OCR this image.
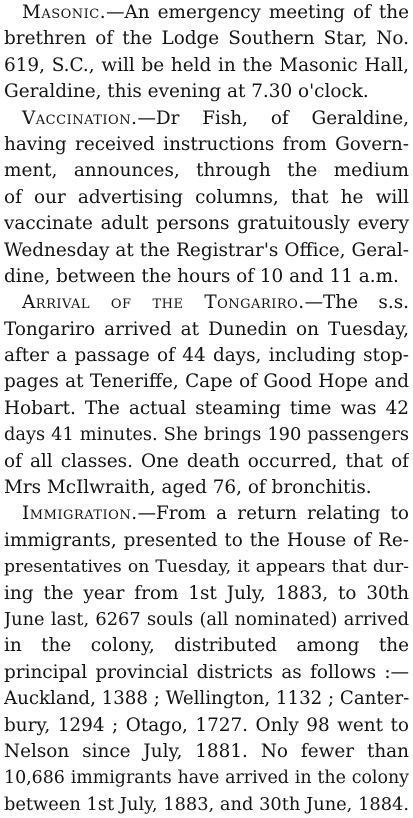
Masonic.—An emergency meeting of the
brethren of the Lodge Southern Star, No.
619, S.C., will be held in the Masonic Hall,
Geraldine, this evening at 7.30 o'clock.
Vaccination.—Dr Fish, of Geraldine,
having received instructions from Govern-
ment, announces, through the medium
of our advertising columns, that he will
vaccinate adult persons gratuitously every
Wednesday at the Registrar's Office, Geral-
dine, between the hours of 10 and 11 a.m.
Arrival of the Tongariro.—The s.s.
Tongariro arrived at Dunedin on Tuesday,
after a passage of 44 days, including stop-
pages at Teneriffe, Cape of Good Hope and
Hobart. The actual steaming time was 42
days 41 minutes. She brings 190 passengers
of all classes. One death occurred, that of
Mrs McIlwraith, aged 76, of bronchitis.
Immigration.—From a return relating to
immigrants, presented to the House of Re-
presentatives on Tuesday, it appears that dur-
ing the year from 1st July, 1883, to 30th
June last, 6267 souls (all nominated) arrived
in the colony, distributed among the
principal provincial districts as follows :—
Auckland, 1388 ; Wellington, 1132 ; Canter-
bury, 1294 ; Otago, 1727. Only 98 went to
Nelson since July, 1881. No fewer than
10,686 immigrants have arrived in the colony
between 1st July, 1883, and 30th June, 1884.
